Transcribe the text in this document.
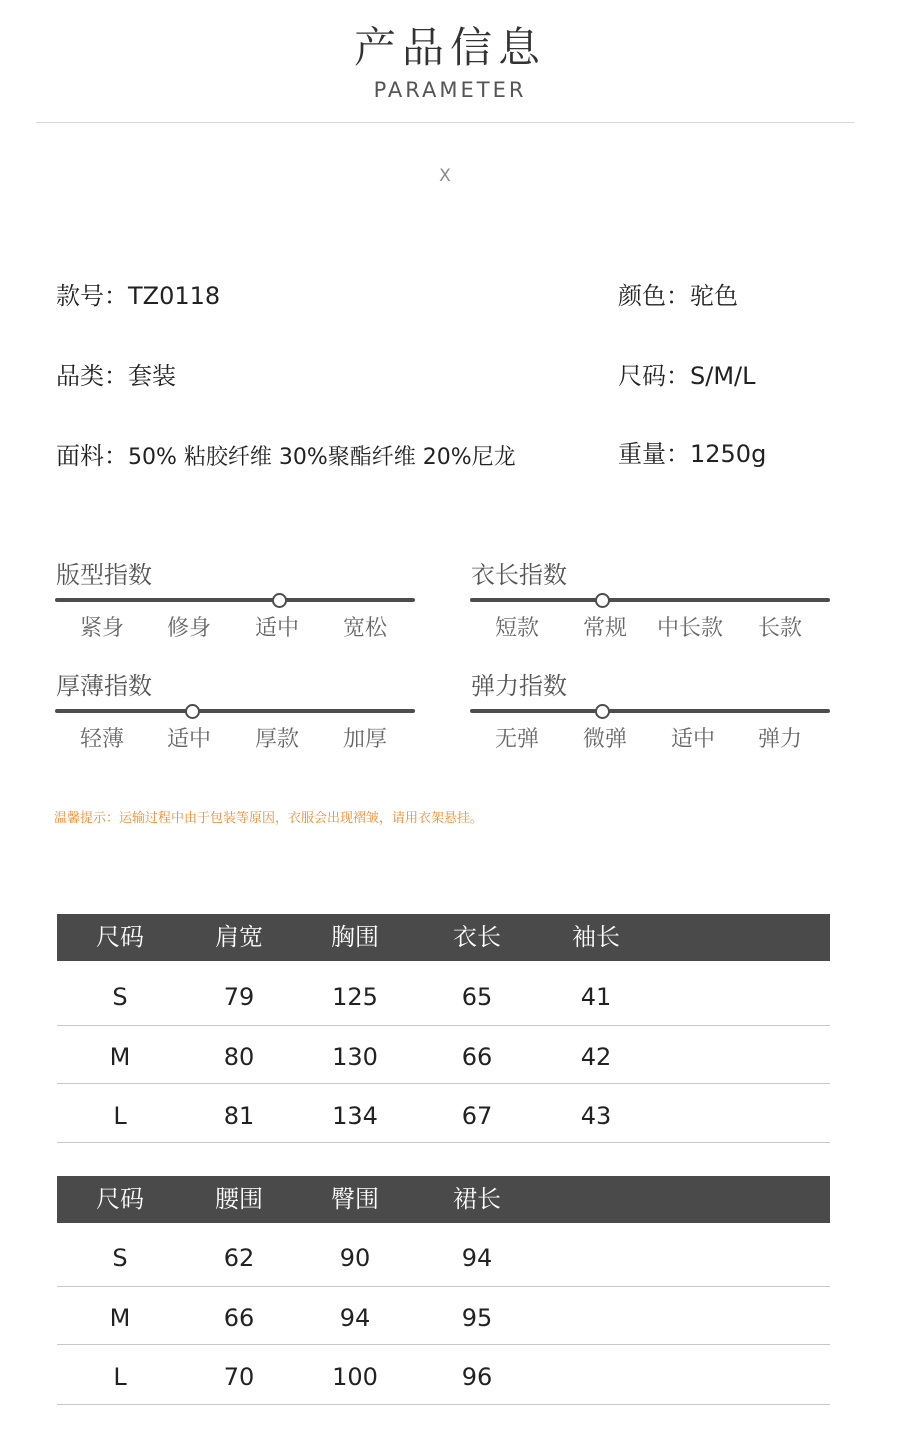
产品信息
PARAMETER
X
款号：TZ0118	颜色：驼色
品类：套装	尺码：S/M/L
面料：50% 粘胶纤维 30%聚酯纤维 20%尼龙	重量：1250g
版型指数
紧身 修身 适中 宽松
衣长指数
短款 常规 中长款 长款
厚薄指数
轻薄 适中 厚款 加厚
弹力指数
无弹 微弹 适中 弹力
温馨提示：运输过程中由于包装等原因，衣服会出现褶皱，请用衣架悬挂。
尺码	肩宽	胸围	衣长	袖长
S	79	125	65	41
M	80	130	66	42
L	81	134	67	43
尺码	腰围	臀围	裙长
S	62	90	94
M	66	94	95
L	70	100	96
